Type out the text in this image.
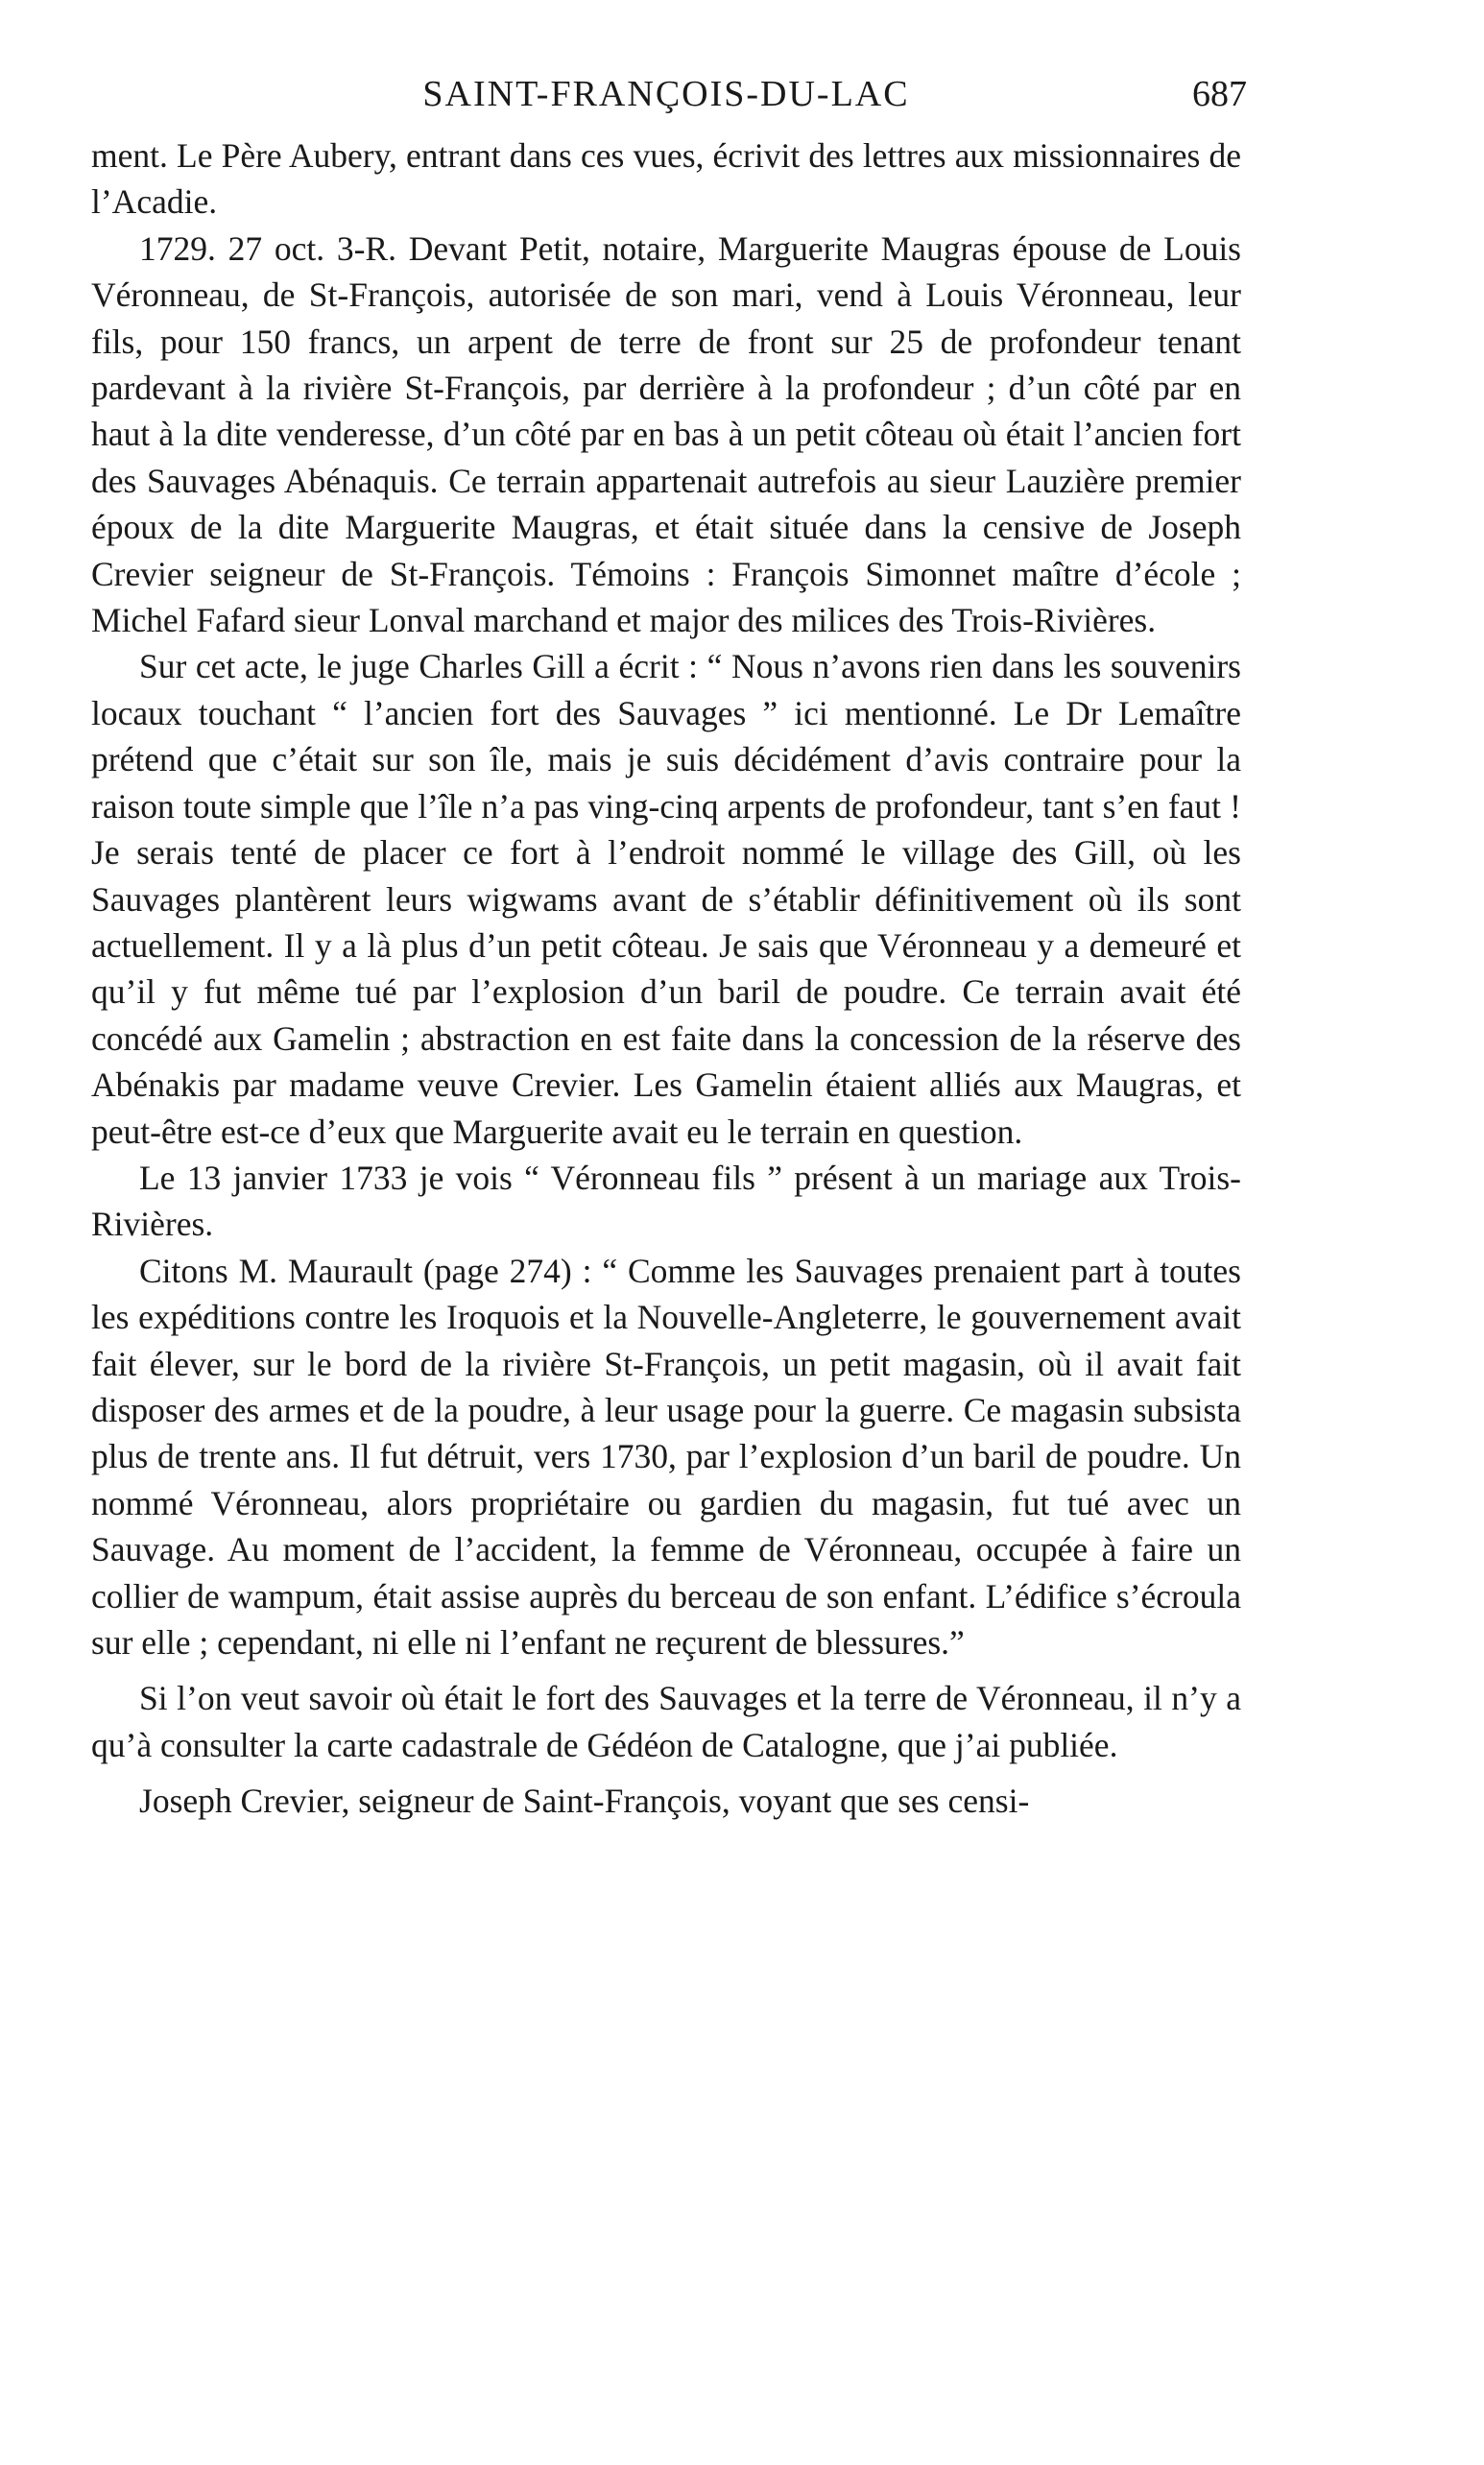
SAINT-FRANÇOIS-DU-LAC	687

ment. Le Père Aubery, entrant dans ces vues, écrivit des lettres aux missionnaires de l’Acadie.

1729. 27 oct. 3-R. Devant Petit, notaire, Marguerite Maugras épouse de Louis Véronneau, de St-François, autorisée de son mari, vend à Louis Véronneau, leur fils, pour 150 francs, un arpent de terre de front sur 25 de profondeur tenant pardevant à la rivière St-François, par derrière à la profondeur ; d’un côté par en haut à la dite venderesse, d’un côté par en bas à un petit côteau où était l’ancien fort des Sauvages Abénaquis. Ce terrain appartenait autrefois au sieur Lauzière premier époux de la dite Marguerite Maugras, et était située dans la censive de Joseph Crevier seigneur de St-François. Témoins : François Simonnet maître d’école ; Michel Fafard sieur Lonval marchand et major des milices des Trois-Rivières.

Sur cet acte, le juge Charles Gill a écrit : “ Nous n’avons rien dans les souvenirs locaux touchant “ l’ancien fort des Sauvages ” ici mentionné. Le Dr Lemaître prétend que c’était sur son île, mais je suis décidément d’avis contraire pour la raison toute simple que l’île n’a pas ving-cinq arpents de profondeur, tant s’en faut ! Je serais tenté de placer ce fort à l’endroit nommé le village des Gill, où les Sauvages plantèrent leurs wigwams avant de s’établir définitivement où ils sont actuellement. Il y a là plus d’un petit côteau. Je sais que Véronneau y a demeuré et qu’il y fut même tué par l’explosion d’un baril de poudre. Ce terrain avait été concédé aux Gamelin ; abstraction en est faite dans la concession de la réserve des Abénakis par madame veuve Crevier. Les Gamelin étaient alliés aux Maugras, et peut-être est-ce d’eux que Marguerite avait eu le terrain en question.

Le 13 janvier 1733 je vois “ Véronneau fils ” présent à un mariage aux Trois-Rivières.

Citons M. Maurault (page 274) : “ Comme les Sauvages prenaient part à toutes les expéditions contre les Iroquois et la Nouvelle-Angleterre, le gouvernement avait fait élever, sur le bord de la rivière St-François, un petit magasin, où il avait fait disposer des armes et de la poudre, à leur usage pour la guerre. Ce magasin subsista plus de trente ans. Il fut détruit, vers 1730, par l’explosion d’un baril de poudre. Un nommé Véronneau, alors propriétaire ou gardien du magasin, fut tué avec un Sauvage. Au moment de l’accident, la femme de Véronneau, occupée à faire un collier de wampum, était assise auprès du berceau de son enfant. L’édifice s’écroula sur elle ; cependant, ni elle ni l’enfant ne reçurent de blessures.”

Si l’on veut savoir où était le fort des Sauvages et la terre de Véronneau, il n’y a qu’à consulter la carte cadastrale de Gédéon de Catalogne, que j’ai publiée.

Joseph Crevier, seigneur de Saint-François, voyant que ses censi-
